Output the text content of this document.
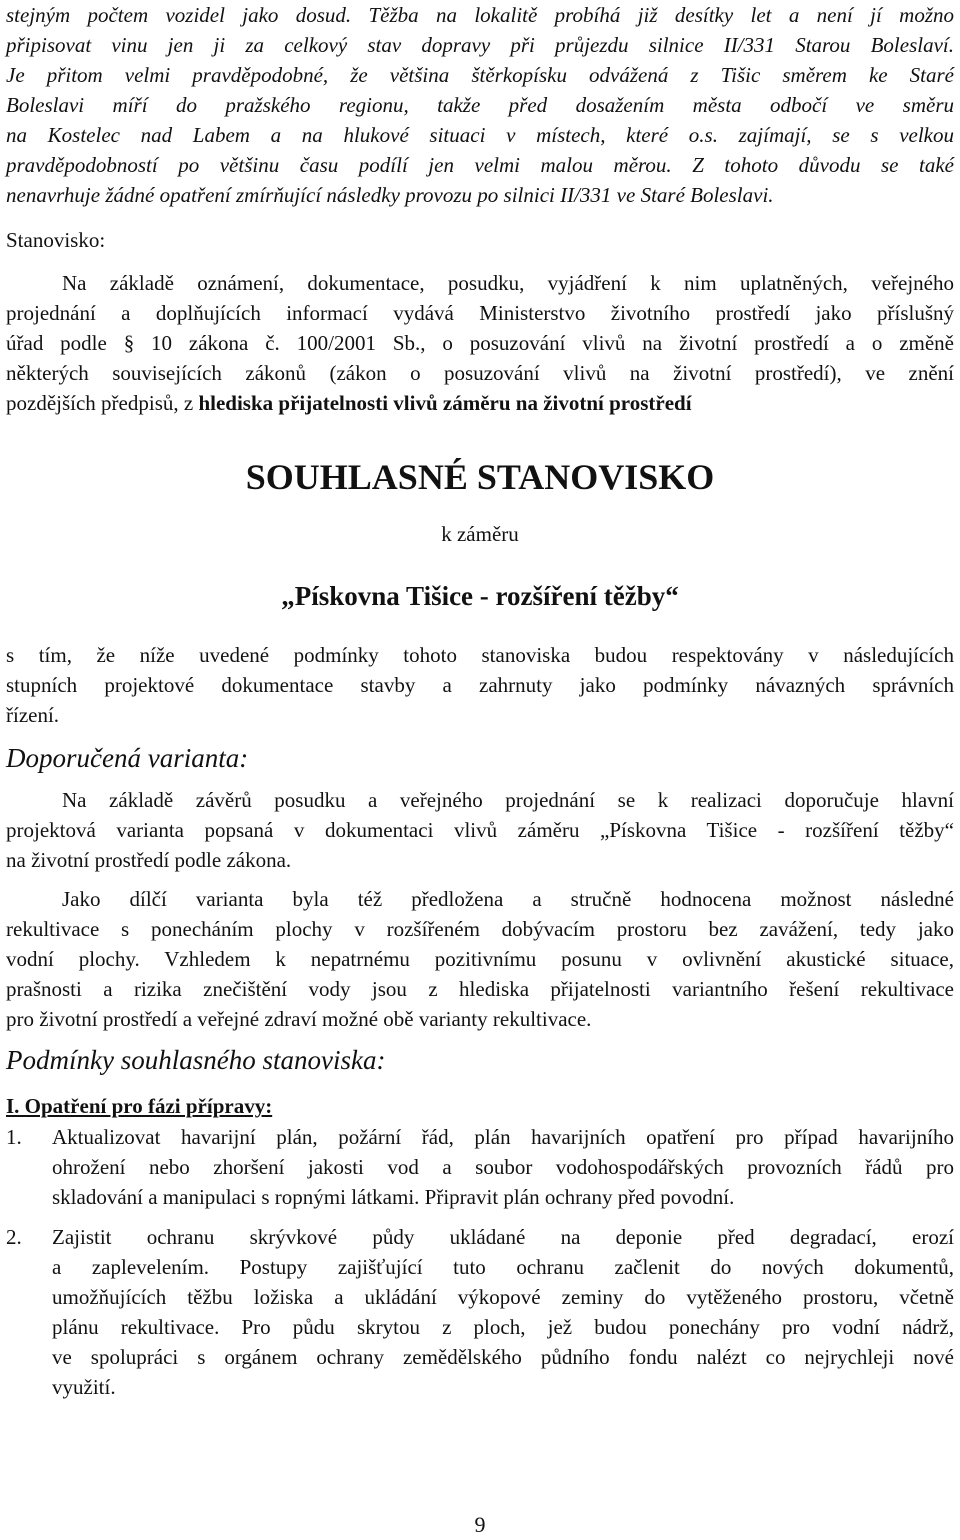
stejným počtem vozidel jako dosud. Těžba na lokalitě probíhá již desítky let a není jí možno
připisovat vinu jen ji za celkový stav dopravy při průjezdu silnice II/331 Starou Boleslaví.
Je přitom velmi pravděpodobné, že většina štěrkopísku odvážená z Tišic směrem ke Staré
Boleslavi míří do pražského regionu, takže před dosažením města odbočí ve směru
na Kostelec nad Labem a na hlukové situaci v místech, které o.s. zajímají, se s velkou
pravděpodobností po většinu času podílí jen velmi malou měrou. Z tohoto důvodu se také
nenavrhuje žádné opatření zmírňující následky provozu po silnici II/331 ve Staré Boleslavi.
Stanovisko:
Na základě oznámení, dokumentace, posudku, vyjádření k nim uplatněných, veřejného
projednání a doplňujících informací vydává Ministerstvo životního prostředí jako příslušný
úřad podle § 10 zákona č. 100/2001 Sb., o posuzování vlivů na životní prostředí a o změně
některých souvisejících zákonů (zákon o posuzování vlivů na životní prostředí), ve znění
pozdějších předpisů, z hlediska přijatelnosti vlivů záměru na životní prostředí
SOUHLASNÉ STANOVISKO
k záměru
„Pískovna Tišice - rozšíření těžby“
s tím, že níže uvedené podmínky tohoto stanoviska budou respektovány v následujících
stupních projektové dokumentace stavby a zahrnuty jako podmínky návazných správních
řízení.
Doporučená varianta:
Na základě závěrů posudku a veřejného projednání se k realizaci doporučuje hlavní
projektová varianta popsaná v dokumentaci vlivů záměru „Pískovna Tišice - rozšíření těžby“
na životní prostředí podle zákona.
Jako dílčí varianta byla též předložena a stručně hodnocena možnost následné
rekultivace s ponecháním plochy v rozšířeném dobývacím prostoru bez zavážení, tedy jako
vodní plochy. Vzhledem k nepatrnému pozitivnímu posunu v ovlivnění akustické situace,
prašnosti a rizika znečištění vody jsou z hlediska přijatelnosti variantního řešení rekultivace
pro životní prostředí a veřejné zdraví možné obě varianty rekultivace.
Podmínky souhlasného stanoviska:
I. Opatření pro fázi přípravy:
1. Aktualizovat havarijní plán, požární řád, plán havarijních opatření pro případ havarijního
ohrožení nebo zhoršení jakosti vod a soubor vodohospodářských provozních řádů pro
skladování a manipulaci s ropnými látkami. Připravit plán ochrany před povodní.
2. Zajistit ochranu skrývkové půdy ukládané na deponie před degradací, erozí
a zaplevelením. Postupy zajišťující tuto ochranu začlenit do nových dokumentů,
umožňujících těžbu ložiska a ukládání výkopové zeminy do vytěženého prostoru, včetně
plánu rekultivace. Pro půdu skrytou z ploch, jež budou ponechány pro vodní nádrž,
ve spolupráci s orgánem ochrany zemědělského půdního fondu nalézt co nejrychleji nové
využití.
9
